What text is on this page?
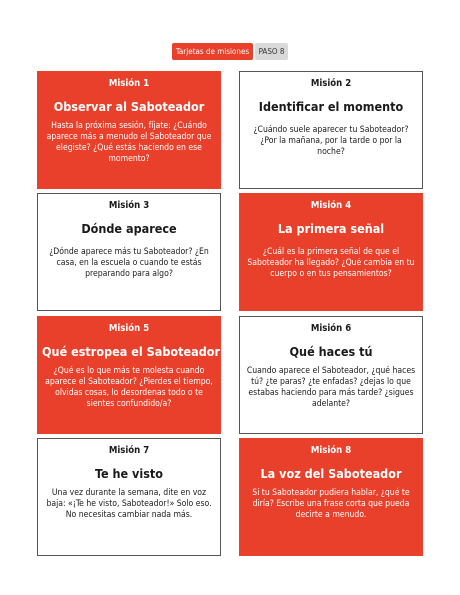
Tarjetas de misiones	PASO 8
Misión 1
Observar al Saboteador
Hasta la próxima sesión, fíjate: ¿Cuándo aparece más a menudo el Saboteador que elegiste? ¿Qué estás haciendo en ese momento?
Misión 2
Identificar el momento
¿Cuándo suele aparecer tu Saboteador? ¿Por la mañana, por la tarde o por la noche?
Misión 3
Dónde aparece
¿Dónde aparece más tu Saboteador? ¿En casa, en la escuela o cuando te estás preparando para algo?
Misión 4
La primera señal
¿Cuál es la primera señal de que el Saboteador ha llegado? ¿Qué cambia en tu cuerpo o en tus pensamientos?
Misión 5
Qué estropea el Saboteador
¿Qué es lo que más te molesta cuando aparece el Saboteador? ¿Pierdes el tiempo, olvidas cosas, lo desordenas todo o te sientes confundido/a?
Misión 6
Qué haces tú
Cuando aparece el Saboteador, ¿qué haces tú? ¿te paras? ¿te enfadas? ¿dejas lo que estabas haciendo para más tarde? ¿sigues adelante?
Misión 7
Te he visto
Una vez durante la semana, dite en voz baja: «¡Te he visto, Saboteador!» Solo eso. No necesitas cambiar nada más.
Misión 8
La voz del Saboteador
Si tu Saboteador pudiera hablar, ¿qué te diría? Escribe una frase corta que pueda decirte a menudo.
